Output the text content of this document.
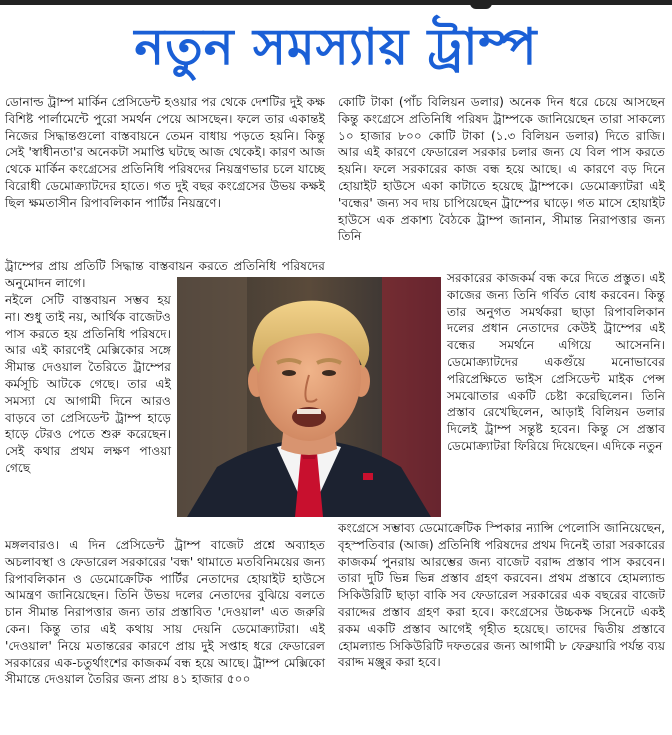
নতুন সমস্যায় ট্রাম্প

ডোনাল্ড ট্রাম্প মার্কিন প্রেসিডেন্ট হওয়ার পর থেকে দেশটির দুই কক্ষ বিশিষ্ট পার্লামেন্টে পুরো সমর্থন পেয়ে আসছেন। ফলে তার একান্তই নিজের সিদ্ধান্তগুলো বাস্তবায়নে তেমন বাধায় পড়তে হয়নি। কিন্তু সেই 'স্বাধীনতা'র অনেকটা সমাপ্তি ঘটছে আজ থেকেই। কারণ আজ থেকে মার্কিন কংগ্রেসের প্রতিনিধি পরিষদের নিয়ন্ত্রণভার চলে যাচ্ছে বিরোধী ডেমোক্র্যাটদের হাতে। গত দুই বছর কংগ্রেসের উভয় কক্ষই ছিল ক্ষমতাসীন রিপাবলিকান পার্টির নিয়ন্ত্রণে।

ট্রাম্পের প্রায় প্রতিটি সিদ্ধান্ত বাস্তবায়ন করতে প্রতিনিধি পরিষদের অনুমোদন লাগে।

নইলে সেটি বাস্তবায়ন সম্ভব হয় না। শুধু তাই নয়, আর্থিক বাজেটও পাস করতে হয় প্রতিনিধি পরিষদে। আর এই কারণেই মেক্সিকোর সঙ্গে সীমান্ত দেওয়াল তৈরিতে ট্রাম্পের কর্মসূচি আটকে গেছে। তার এই সমস্যা যে আগামী দিনে আরও বাড়বে তা প্রেসিডেন্ট ট্রাম্প হাড়ে হাড়ে টেরও পেতে শুরু করেছেন। সেই কথার প্রথম লক্ষণ পাওয়া গেছে

মঙ্গলবারও। এ দিন প্রেসিডেন্ট ট্রাম্প বাজেট প্রশ্নে অব্যাহত অচলাবস্থা ও ফেডারেল সরকারের 'বন্ধ' থামাতে মতবিনিময়ের জন্য রিপাবলিকান ও ডেমোক্রেটিক পার্টির নেতাদের হোয়াইট হাউসে আমন্ত্রণ জানিয়েছেন। তিনি উভয় দলের নেতাদের বুঝিয়ে বলতে চান সীমান্ত নিরাপত্তার জন্য তার প্রস্তাবিত 'দেওয়াল' এত জরুরি কেন। কিন্তু তার এই কথায় সায় দেয়নি ডেমোক্র্যাটরা। এই 'দেওয়াল' নিয়ে মতান্তরের কারণে প্রায় দুই সপ্তাহ ধরে ফেডারেল সরকারের এক-চতুর্থাংশের কাজকর্ম বন্ধ হয়ে আছে। ট্রাম্প মেক্সিকো সীমান্তে দেওয়াল তৈরির জন্য প্রায় ৪১ হাজার ৫০০

কোটি টাকা (পাঁচ বিলিয়ন ডলার) অনেক দিন ধরে চেয়ে আসছেন কিন্তু কংগ্রেসে প্রতিনিধি পরিষদ ট্রাম্পকে জানিয়েছেন তারা সাকল্যে ১০ হাজার ৮০০ কোটি টাকা (১.৩ বিলিয়ন ডলার) দিতে রাজি। আর এই কারণে ফেডারেল সরকার চলার জন্য যে বিল পাস করতে হয়নি। ফলে সরকারের কাজ বন্ধ হয়ে আছে। এ কারণে বড় দিনে হোয়াইট হাউসে একা কাটাতে হয়েছে ট্রাম্পকে। ডেমোক্র্যাটরা এই 'বন্ধের' জন্য সব দায় চাপিয়েছেন ট্রাম্পের ঘাড়ে। গত মাসে হোয়াইট হাউসে এক প্রকাশ্য বৈঠকে ট্রাম্প জানান, সীমান্ত নিরাপত্তার জন্য তিনি

সরকারের কাজকর্ম বন্ধ করে দিতে প্রস্তুত। এই কাজের জন্য তিনি গর্বিত বোধ করবেন। কিন্তু তার অনুগত সমর্থকরা ছাড়া রিপাবলিকান দলের প্রধান নেতাদের কেউই ট্রাম্পের এই বন্ধের সমর্থনে এগিয়ে আসেননি। ডেমোক্র্যাটদের একগুঁয়ে মনোভাবের পরিপ্রেক্ষিতে ভাইস প্রেসিডেন্ট মাইক পেন্স সমঝোতার একটি চেষ্টা করেছিলেন। তিনি প্রস্তাব রেখেছিলেন, আড়াই বিলিয়ন ডলার দিলেই ট্রাম্প সন্তুষ্ট হবেন। কিন্তু সে প্রস্তাব ডেমোক্র্যাটরা ফিরিয়ে দিয়েছেন। এদিকে নতুন

কংগ্রেসে সম্ভাব্য ডেমোক্রেটিক স্পিকার ন্যান্সি পেলোসি জানিয়েছেন, বৃহস্পতিবার (আজ) প্রতিনিধি পরিষদের প্রথম দিনেই তারা সরকারের কাজকর্ম পুনরায় আরম্ভের জন্য বাজেট বরাদ্দ প্রস্তাব পাস করবেন। তারা দুটি ভিন্ন ভিন্ন প্রস্তাব গ্রহণ করবেন। প্রথম প্রস্তাবে হোমল্যান্ড সিকিউরিটি ছাড়া বাকি সব ফেডারেল সরকারের এক বছরের বাজেট বরাদ্দের প্রস্তাব গ্রহণ করা হবে। কংগ্রেসের উচ্চকক্ষ সিনেটে একই রকম একটি প্রস্তাব আগেই গৃহীত হয়েছে। তাদের দ্বিতীয় প্রস্তাবে হোমল্যান্ড সিকিউরিটি দফতরের জন্য আগামী ৮ ফেব্রুয়ারি পর্যন্ত ব্যয় বরাদ্দ মঞ্জুর করা হবে।
